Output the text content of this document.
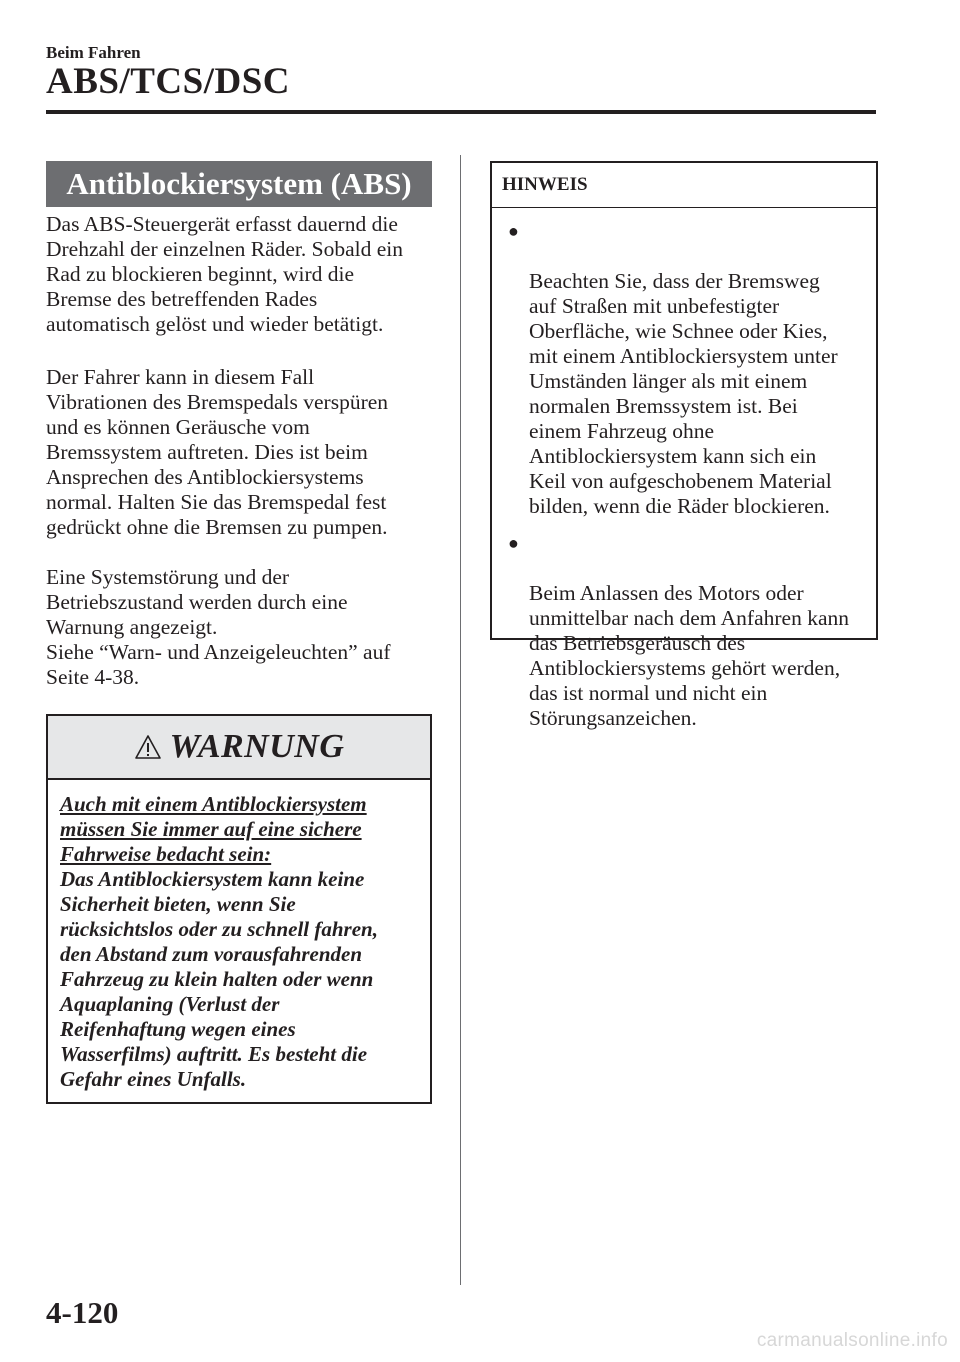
Beim Fahren
ABS/TCS/DSC
Antiblockiersystem (ABS)

Das ABS-Steuergerät erfasst dauernd die
Drehzahl der einzelnen Räder. Sobald ein
Rad zu blockieren beginnt, wird die
Bremse des betreffenden Rades
automatisch gelöst und wieder betätigt.

Der Fahrer kann in diesem Fall
Vibrationen des Bremspedals verspüren
und es können Geräusche vom
Bremssystem auftreten. Dies ist beim
Ansprechen des Antiblockiersystems
normal. Halten Sie das Bremspedal fest
gedrückt ohne die Bremsen zu pumpen.

Eine Systemstörung und der
Betriebszustand werden durch eine
Warnung angezeigt.
Siehe “Warn- und Anzeigeleuchten” auf
Seite 4-38.

WARNUNG
Auch mit einem Antiblockiersystem
müssen Sie immer auf eine sichere
Fahrweise bedacht sein:
Das Antiblockiersystem kann keine
Sicherheit bieten, wenn Sie
rücksichtslos oder zu schnell fahren,
den Abstand zum vorausfahrenden
Fahrzeug zu klein halten oder wenn
Aquaplaning (Verlust der
Reifenhaftung wegen eines
Wasserfilms) auftritt. Es besteht die
Gefahr eines Unfalls.
HINWEIS

●

Beachten Sie, dass der Bremsweg
auf Straßen mit unbefestigter
Oberfläche, wie Schnee oder Kies,
mit einem Antiblockiersystem unter
Umständen länger als mit einem
normalen Bremssystem ist. Bei
einem Fahrzeug ohne
Antiblockiersystem kann sich ein
Keil von aufgeschobenem Material
bilden, wenn die Räder blockieren.

●

Beim Anlassen des Motors oder
unmittelbar nach dem Anfahren kann
das Betriebsgeräusch des
Antiblockiersystems gehört werden,
das ist normal und nicht ein
Störungsanzeichen.

4-120
carmanualsonline.info
